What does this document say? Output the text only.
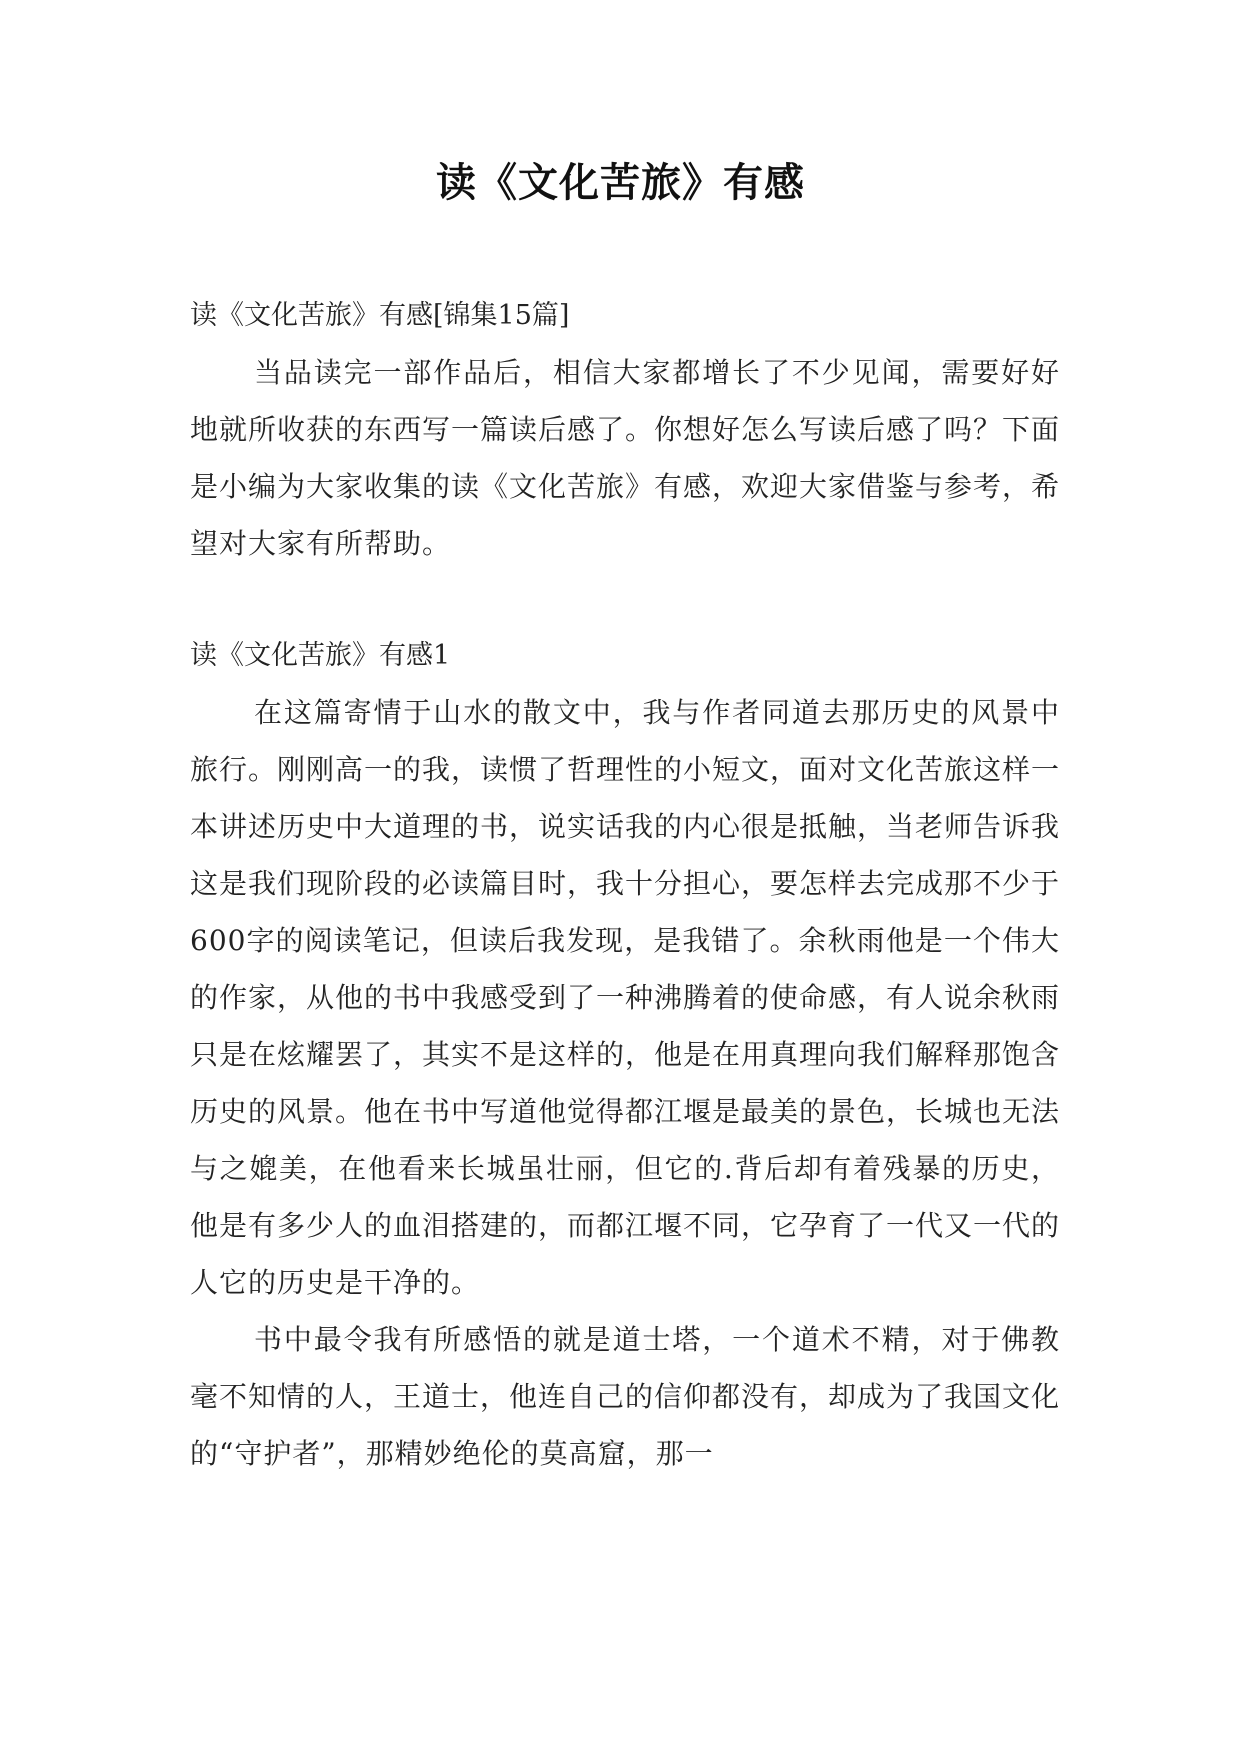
读《文化苦旅》有感

读《文化苦旅》有感[锦集15篇]

当品读完一部作品后，相信大家都增长了不少见闻，需要好好地就所收获的东西写一篇读后感了。你想好怎么写读后感了吗？下面是小编为大家收集的读《文化苦旅》有感，欢迎大家借鉴与参考，希望对大家有所帮助。

读《文化苦旅》有感1

在这篇寄情于山水的散文中，我与作者同道去那历史的风景中旅行。刚刚高一的我，读惯了哲理性的小短文，面对文化苦旅这样一本讲述历史中大道理的书，说实话我的内心很是抵触，当老师告诉我这是我们现阶段的必读篇目时，我十分担心，要怎样去完成那不少于600字的阅读笔记，但读后我发现，是我错了。余秋雨他是一个伟大的作家，从他的书中我感受到了一种沸腾着的使命感，有人说余秋雨只是在炫耀罢了，其实不是这样的，他是在用真理向我们解释那饱含历史的风景。他在书中写道他觉得都江堰是最美的景色，长城也无法与之媲美，在他看来长城虽壮丽，但它的.背后却有着残暴的历史，他是有多少人的血泪搭建的，而都江堰不同，它孕育了一代又一代的人它的历史是干净的。

书中最令我有所感悟的就是道士塔，一个道术不精，对于佛教毫不知情的人，王道士，他连自己的信仰都没有，却成为了我国文化的“守护者”，那精妙绝伦的莫高窟，那一
